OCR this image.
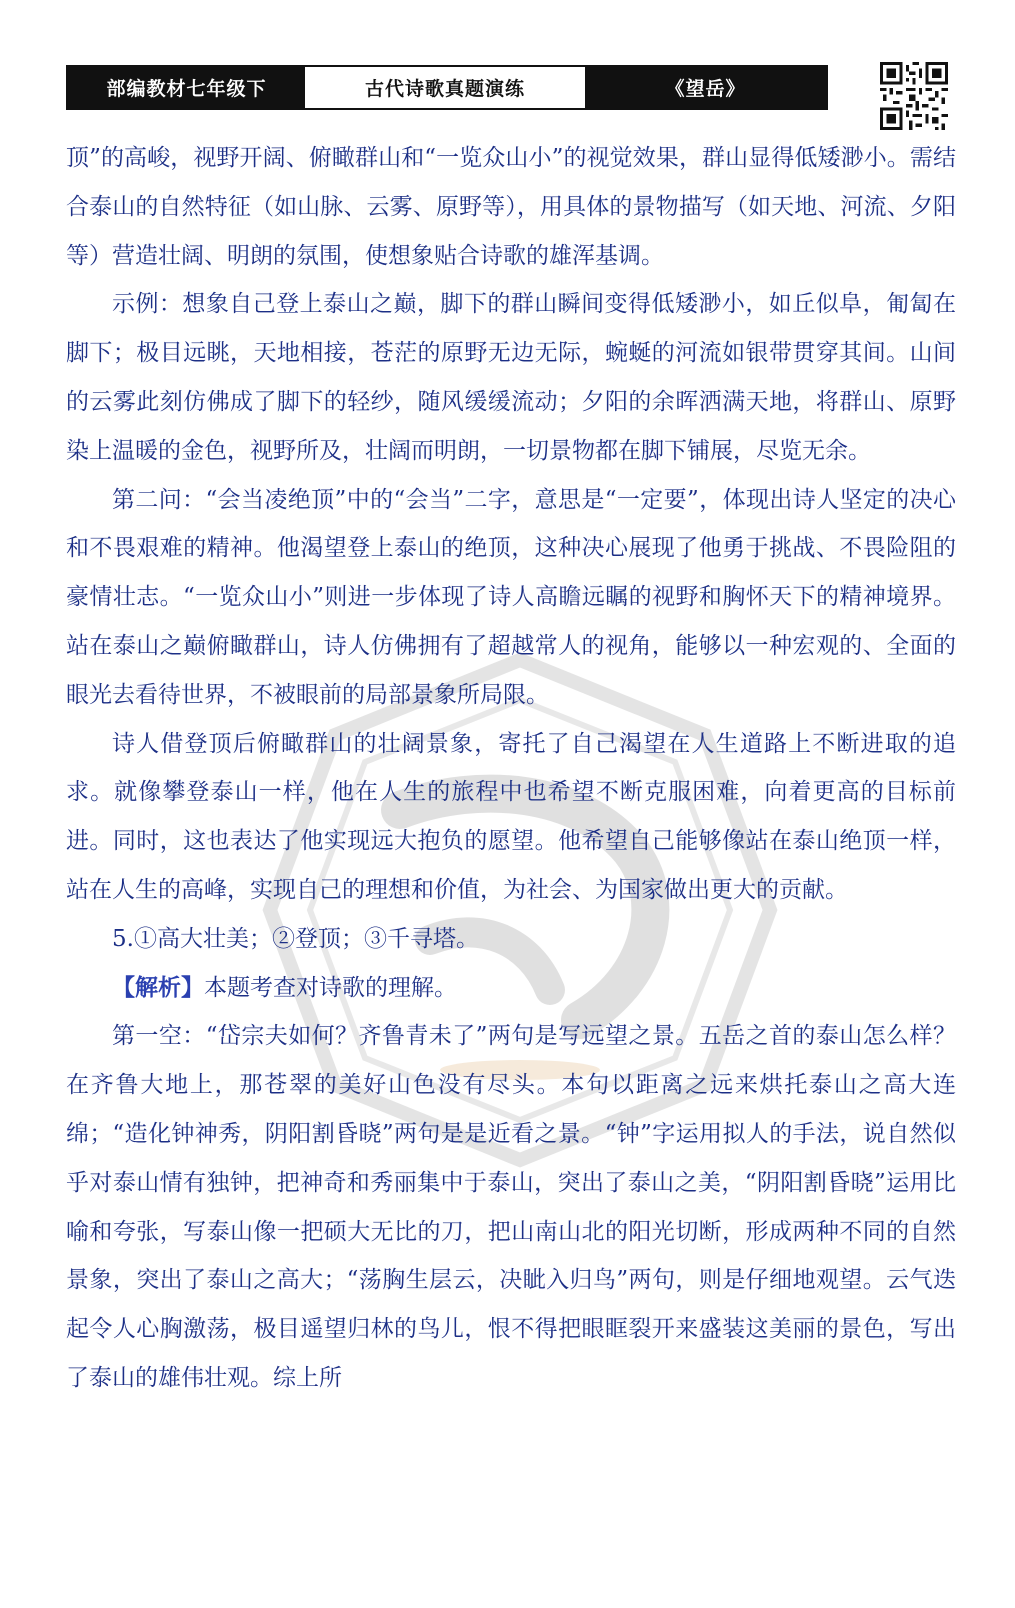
部编教材七年级下	古代诗歌真题演练	《望岳》

顶”的高峻，视野开阔、俯瞰群山和“一览众山小”的视觉效果，群山显得低矮渺小。需结合泰山的自然特征（如山脉、云雾、原野等），用具体的景物描写（如天地、河流、夕阳等）营造壮阔、明朗的氛围，使想象贴合诗歌的雄浑基调。

示例：想象自己登上泰山之巅，脚下的群山瞬间变得低矮渺小，如丘似阜，匍匐在脚下；极目远眺，天地相接，苍茫的原野无边无际，蜿蜒的河流如银带贯穿其间。山间的云雾此刻仿佛成了脚下的轻纱，随风缓缓流动；夕阳的余晖洒满天地，将群山、原野染上温暖的金色，视野所及，壮阔而明朗，一切景物都在脚下铺展，尽览无余。

第二问：“会当凌绝顶”中的“会当”二字，意思是“一定要”，体现出诗人坚定的决心和不畏艰难的精神。他渴望登上泰山的绝顶，这种决心展现了他勇于挑战、不畏险阻的豪情壮志。“一览众山小”则进一步体现了诗人高瞻远瞩的视野和胸怀天下的精神境界。站在泰山之巅俯瞰群山，诗人仿佛拥有了超越常人的视角，能够以一种宏观的、全面的眼光去看待世界，不被眼前的局部景象所局限。

诗人借登顶后俯瞰群山的壮阔景象，寄托了自己渴望在人生道路上不断进取的追求。就像攀登泰山一样，他在人生的旅程中也希望不断克服困难，向着更高的目标前进。同时，这也表达了他实现远大抱负的愿望。他希望自己能够像站在泰山绝顶一样，站在人生的高峰，实现自己的理想和价值，为社会、为国家做出更大的贡献。

5.①高大壮美；②登顶；③千寻塔。

【解析】本题考查对诗歌的理解。

第一空：“岱宗夫如何？齐鲁青未了”两句是写远望之景。五岳之首的泰山怎么样？在齐鲁大地上，那苍翠的美好山色没有尽头。本句以距离之远来烘托泰山之高大连绵；“造化钟神秀，阴阳割昏晓”两句是是近看之景。“钟”字运用拟人的手法，说自然似乎对泰山情有独钟，把神奇和秀丽集中于泰山，突出了泰山之美，“阴阳割昏晓”运用比喻和夸张，写泰山像一把硕大无比的刀，把山南山北的阳光切断，形成两种不同的自然景象，突出了泰山之高大；“荡胸生层云，决眦入归鸟”两句，则是仔细地观望。云气迭起令人心胸激荡，极目遥望归林的鸟儿，恨不得把眼眶裂开来盛装这美丽的景色，写出了泰山的雄伟壮观。综上所
